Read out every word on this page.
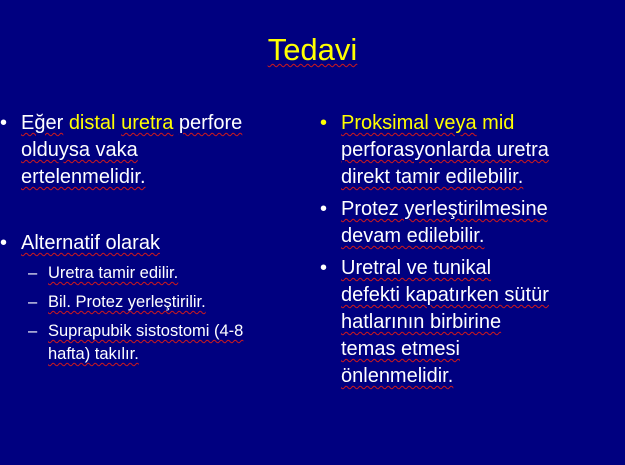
Tedavi
• Eğer distal uretra perfore
olduysa vaka
ertelenmelidir.
• Alternatif olarak
– Uretra tamir edilir.
– Bil. Protez yerleştirilir.
– Suprapubik sistostomi (4-8
hafta) takılır.
• Proksimal veya mid
perforasyonlarda uretra
direkt tamir edilebilir.
• Protez yerleştirilmesine
devam edilebilir.
• Uretral ve tunikal
defekti kapatırken sütür
hatlarının birbirine
temas etmesi
önlenmelidir.
